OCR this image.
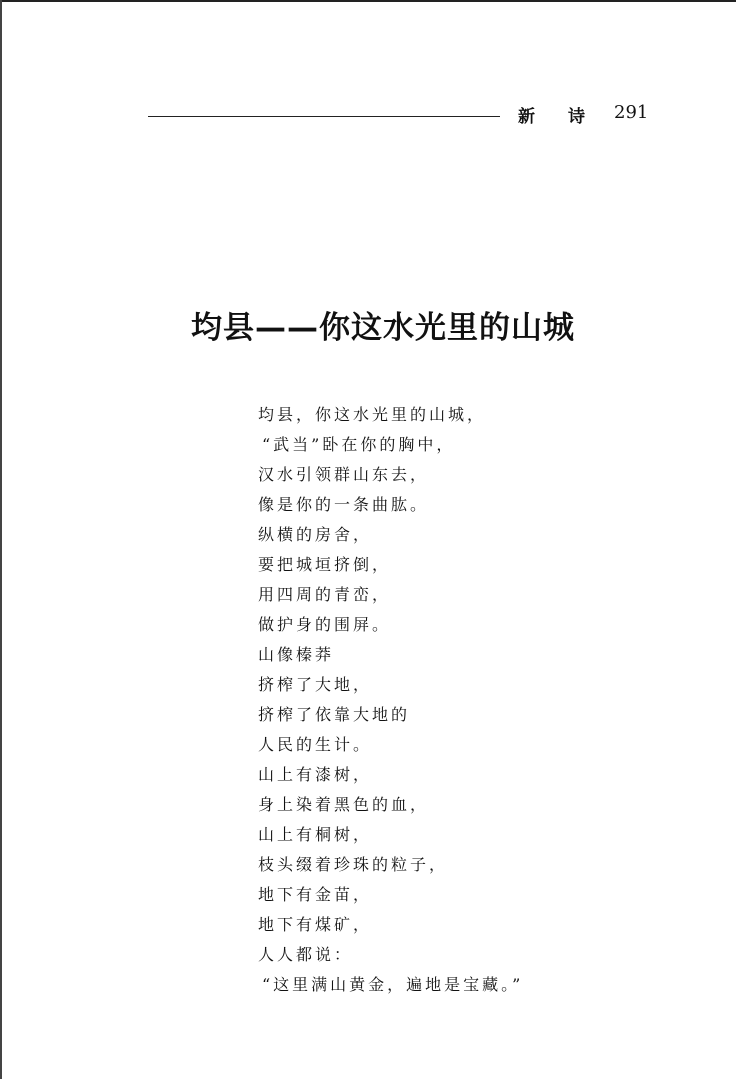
新诗
291
均县——你这水光里的山城
均县，你这水光里的山城，
“武当”卧在你的胸中，
汉水引领群山东去，
像是你的一条曲肱。
纵横的房舍，
要把城垣挤倒，
用四周的青峦，
做护身的围屏。
山像榛莽
挤榨了大地，
挤榨了依靠大地的
人民的生计。
山上有漆树，
身上染着黑色的血，
山上有桐树，
枝头缀着珍珠的粒子，
地下有金苗，
地下有煤矿，
人人都说：
“这里满山黄金，遍地是宝藏。”
